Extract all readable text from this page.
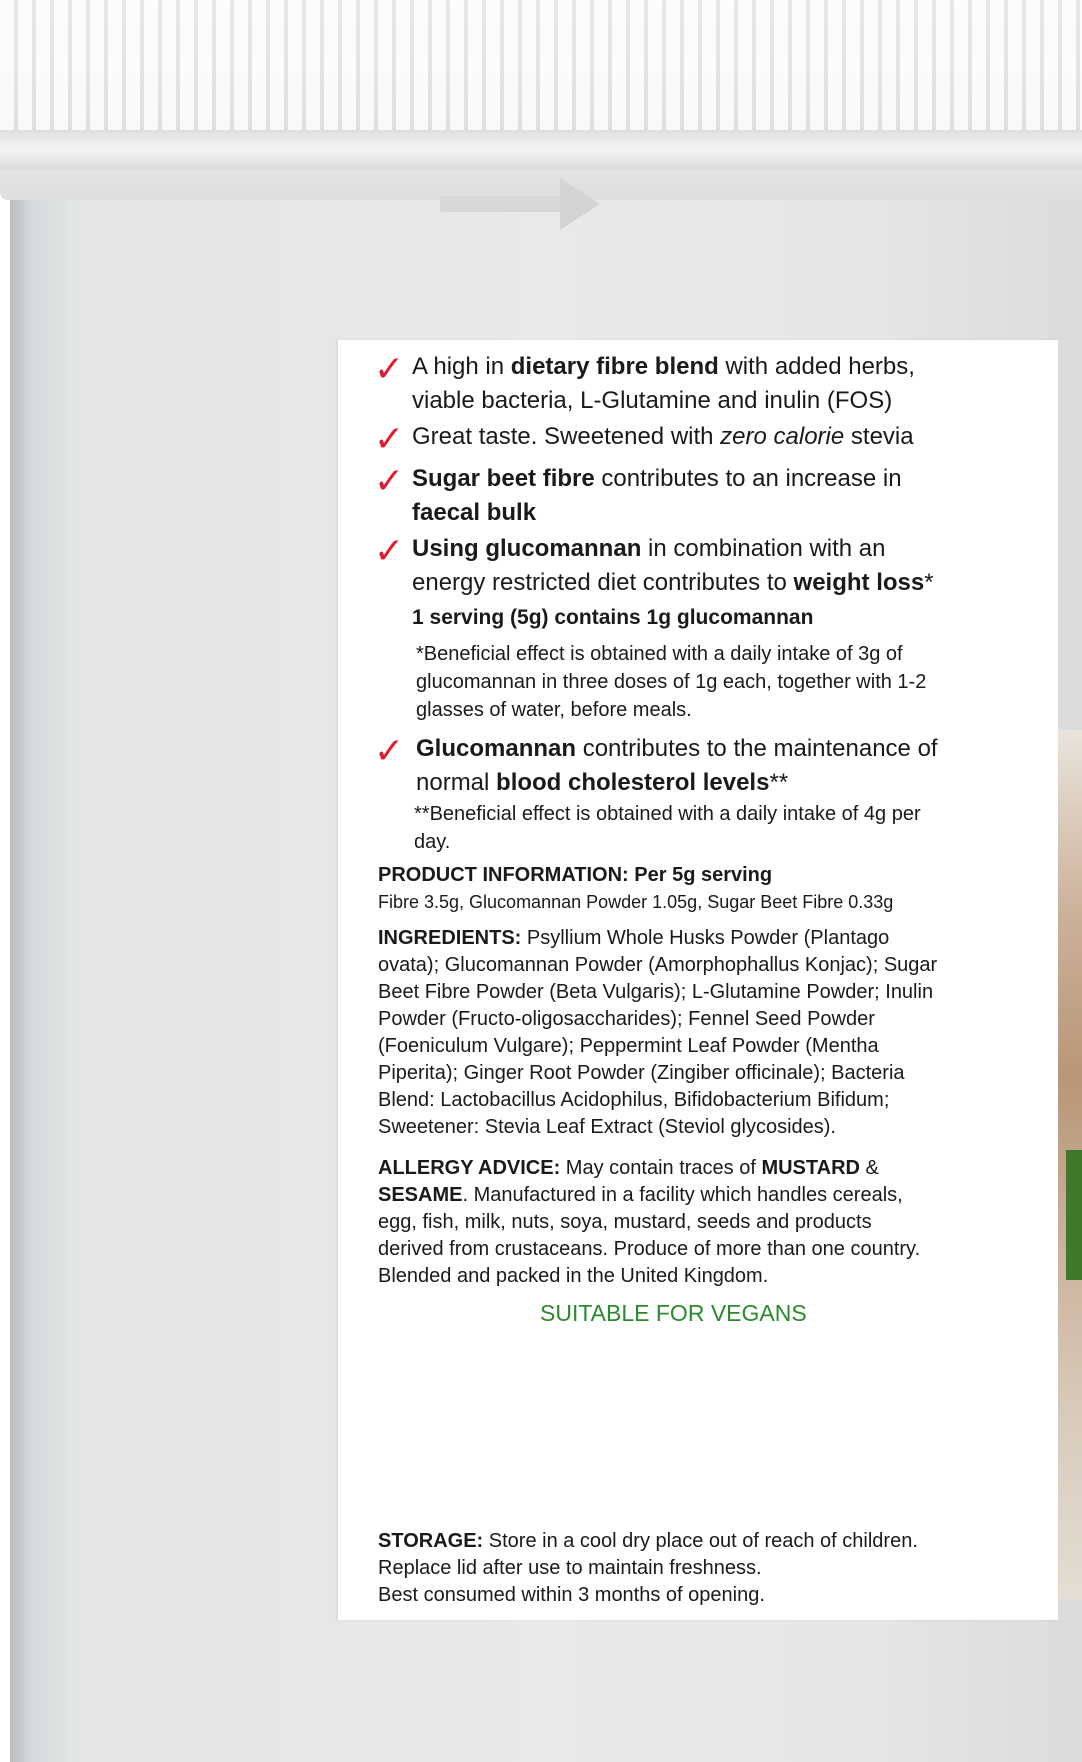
✓ A high in dietary fibre blend with added herbs,
viable bacteria, L-Glutamine and inulin (FOS)
✓ Great taste. Sweetened with zero calorie stevia
✓ Sugar beet fibre contributes to an increase in
faecal bulk
✓ Using glucomannan in combination with an
energy restricted diet contributes to weight loss*
1 serving (5g) contains 1g glucomannan
*Beneficial effect is obtained with a daily intake of 3g of
glucomannan in three doses of 1g each, together with 1-2
glasses of water, before meals.
✓ Glucomannan contributes to the maintenance of
normal blood cholesterol levels**
**Beneficial effect is obtained with a daily intake of 4g per
day.
PRODUCT INFORMATION: Per 5g serving
Fibre 3.5g, Glucomannan Powder 1.05g, Sugar Beet Fibre 0.33g
INGREDIENTS: Psyllium Whole Husks Powder (Plantago
ovata); Glucomannan Powder (Amorphophallus Konjac); Sugar
Beet Fibre Powder (Beta Vulgaris); L-Glutamine Powder; Inulin
Powder (Fructo-oligosaccharides); Fennel Seed Powder
(Foeniculum Vulgare); Peppermint Leaf Powder (Mentha
Piperita); Ginger Root Powder (Zingiber officinale); Bacteria
Blend: Lactobacillus Acidophilus, Bifidobacterium Bifidum;
Sweetener: Stevia Leaf Extract (Steviol glycosides).
ALLERGY ADVICE: May contain traces of MUSTARD &
SESAME. Manufactured in a facility which handles cereals,
egg, fish, milk, nuts, soya, mustard, seeds and products
derived from crustaceans. Produce of more than one country.
Blended and packed in the United Kingdom.
SUITABLE FOR VEGANS
STORAGE: Store in a cool dry place out of reach of children.
Replace lid after use to maintain freshness.
Best consumed within 3 months of opening.
